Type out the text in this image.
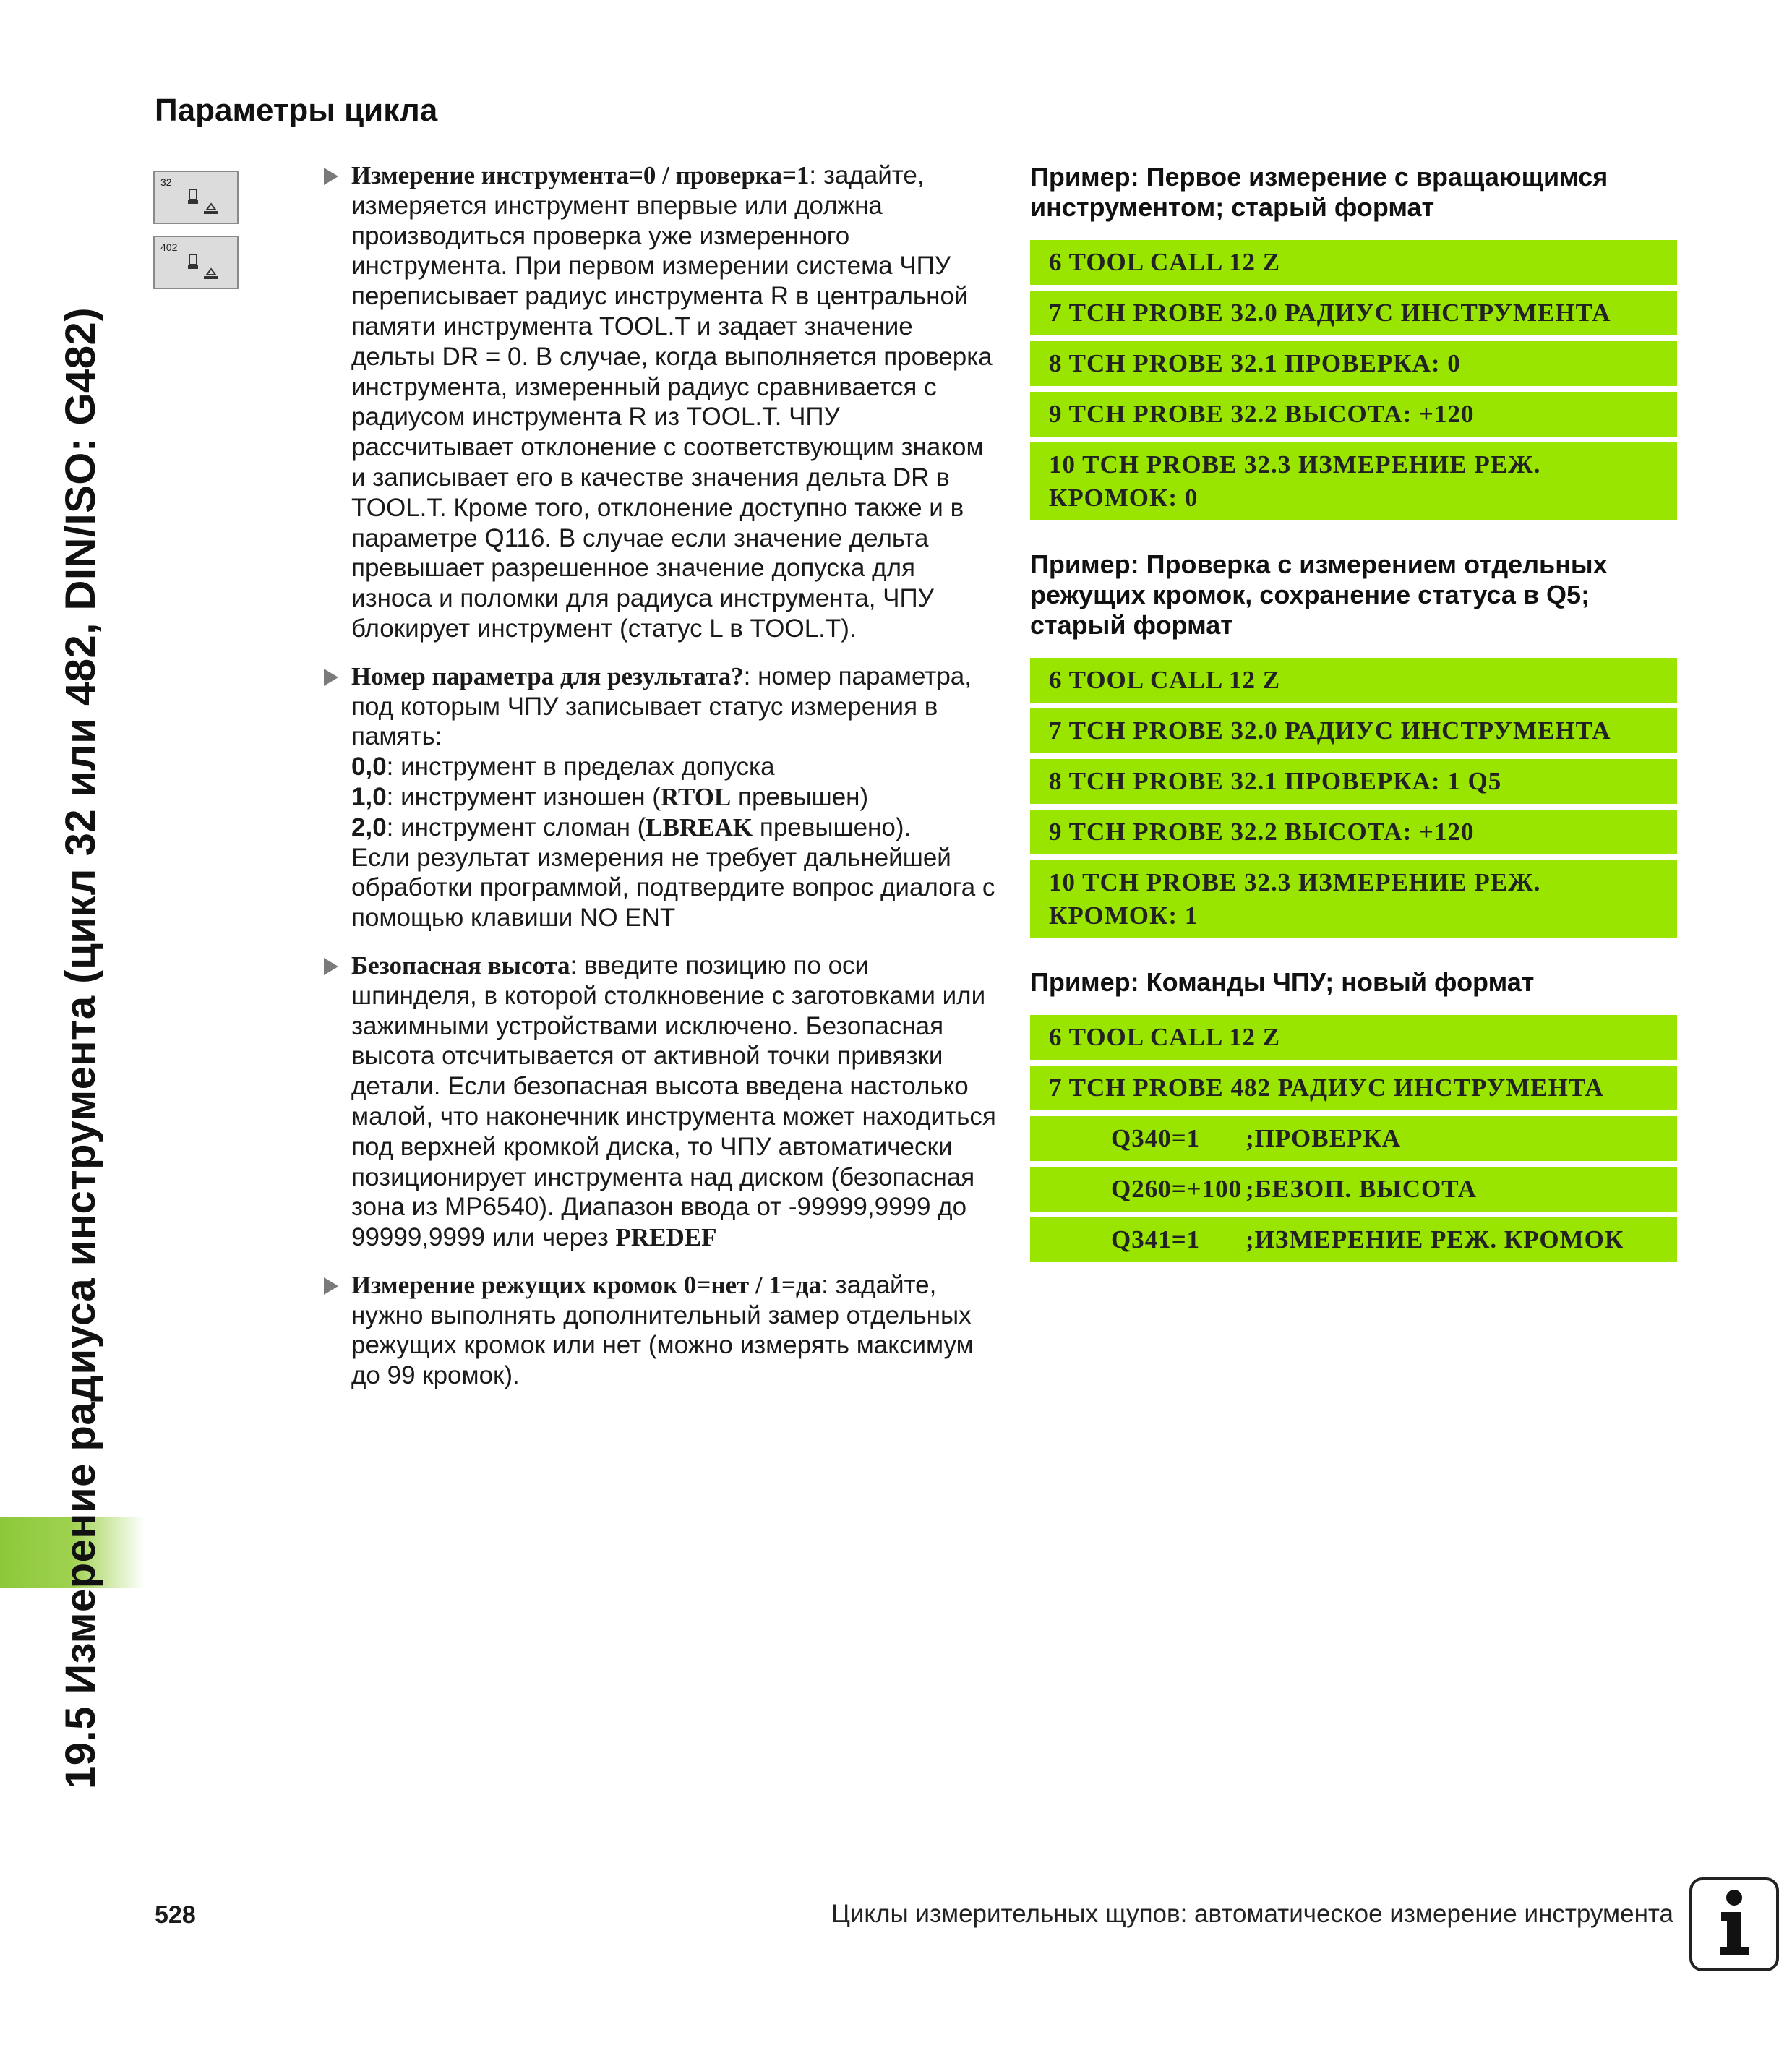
19.5 Измерение радиуса инструмента (цикл 32 или 482, DIN/ISO: G482)
Параметры цикла
32
402

Измерение инструмента=0 / проверка=1: задайте, измеряется инструмент впервые или должна производиться проверка уже измеренного инструмента. При первом измерении система ЧПУ переписывает радиус инструмента R в центральной памяти инструмента TOOL.T и задает значение дельты DR = 0. В случае, когда выполняется проверка инструмента, измеренный радиус сравнивается с радиусом инструмента R из TOOL.T. ЧПУ рассчитывает отклонение с соответствующим знаком и записывает его в качестве значения дельта DR в TOOL.T. Кроме того, отклонение доступно также и в параметре Q116. В случае если значение дельта превышает разрешенное значение допуска для износа и поломки для радиуса инструмента, ЧПУ блокирует инструмент (статус L в TOOL.T).

Номер параметра для результата?: номер параметра, под которым ЧПУ записывает статус измерения в память:

0,0: инструмент в пределах допуска

1,0: инструмент изношен (RTOL превышен)

2,0: инструмент сломан (LBREAK превышено).

Если результат измерения не требует дальнейшей обработки программой, подтвердите вопрос диалога с помощью клавиши NO ENT

Безопасная высота: введите позицию по оси шпинделя, в которой столкновение с заготовками или зажимными устройствами исключено. Безопасная высота отсчитывается от активной точки привязки детали. Если безопасная высота введена настолько малой, что наконечник инструмента может находиться под верхней кромкой диска, то ЧПУ автоматически позиционирует инструмента над диском (безопасная зона из MP6540). Диапазон ввода от -99999,9999 до 99999,9999 или через PREDEF

Измерение режущих кромок 0=нет / 1=да: задайте, нужно выполнять дополнительный замер отдельных режущих кромок или нет (можно измерять максимум до 99 кромок).

Пример: Первое измерение с вращающимся инструментом; старый формат

6 TOOL CALL 12 Z
7 TCH PROBE 32.0 РАДИУС ИНСТРУМЕНТА
8 TCH PROBE 32.1 ПРОВЕРКА: 0
9 TCH PROBE 32.2 ВЫСОТА: +120
10 TCH PROBE 32.3 ИЗМЕРЕНИЕ РЕЖ. КРОМОК: 0

Пример: Проверка с измерением отдельных режущих кромок, сохранение статуса в Q5; старый формат

6 TOOL CALL 12 Z
7 TCH PROBE 32.0 РАДИУС ИНСТРУМЕНТА
8 TCH PROBE 32.1 ПРОВЕРКА: 1 Q5
9 TCH PROBE 32.2 ВЫСОТА: +120
10 TCH PROBE 32.3 ИЗМЕРЕНИЕ РЕЖ. КРОМОК: 1

Пример: Команды ЧПУ; новый формат

6 TOOL CALL 12 Z
7 TCH PROBE 482 РАДИУС ИНСТРУМЕНТА
Q340=1 ;ПРОВЕРКА
Q260=+100 ;БЕЗОП. ВЫСОТА
Q341=1 ;ИЗМЕРЕНИЕ РЕЖ. КРОМОК
528	Циклы измерительных щупов: автоматическое измерение инструмента
